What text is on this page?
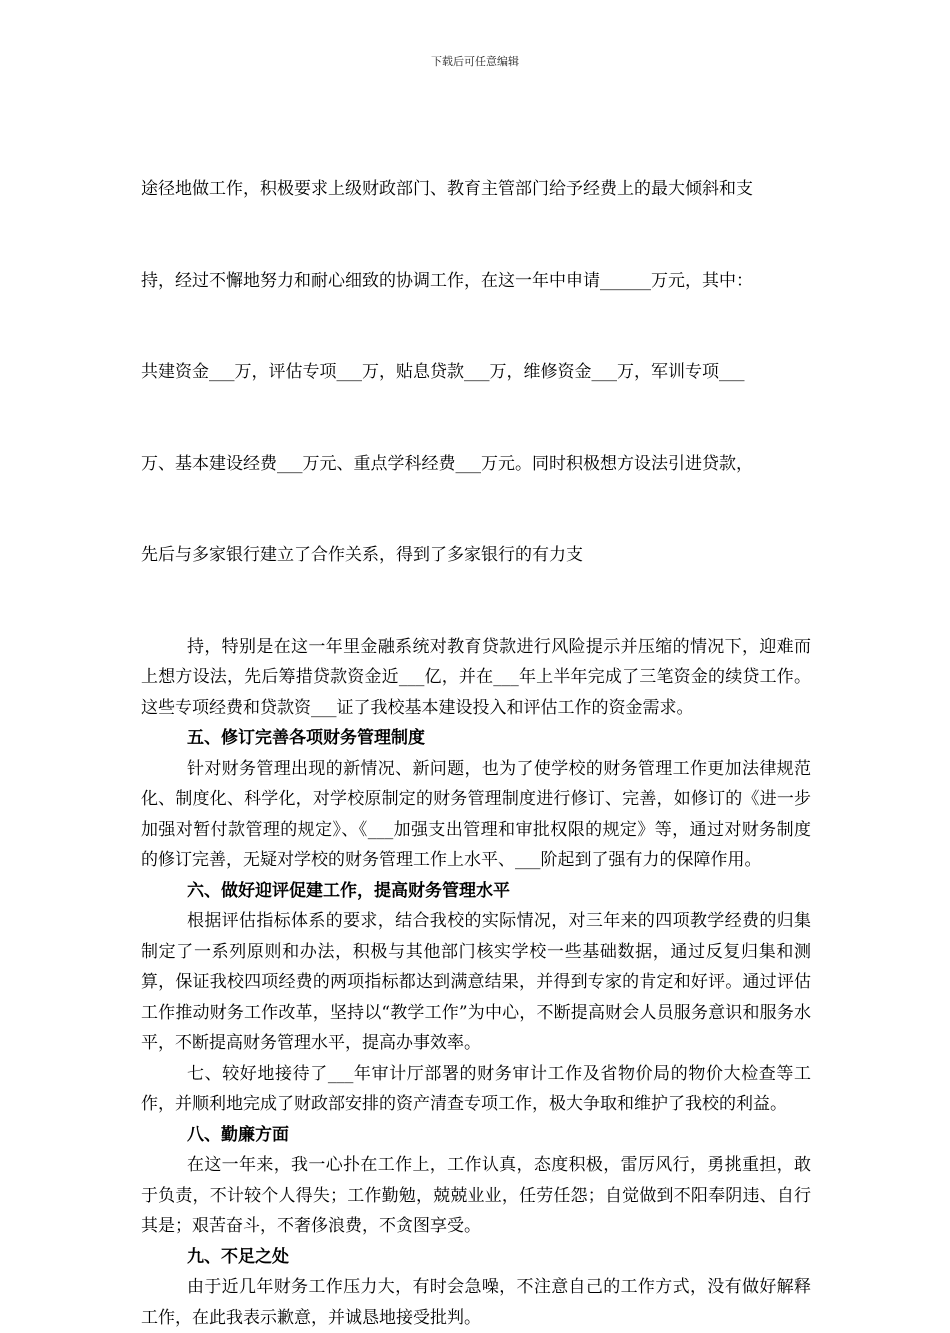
下载后可任意编辑

途径地做工作，积极要求上级财政部门、教育主管部门给予经费上的最大倾斜和支

持，经过不懈地努力和耐心细致的协调工作，在这一年中申请______万元，其中：

共建资金___万，评估专项___万，贴息贷款___万，维修资金___万，军训专项___

万、基本建设经费___万元、重点学科经费___万元。同时积极想方设法引进贷款，

先后与多家银行建立了合作关系，得到了多家银行的有力支

持，特别是在这一年里金融系统对教育贷款进行风险提示并压缩的情况下，迎难而上想方设法，先后筹措贷款资金近___亿，并在___年上半年完成了三笔资金的续贷工作。这些专项经费和贷款资___证了我校基本建设投入和评估工作的资金需求。

五、修订完善各项财务管理制度

针对财务管理出现的新情况、新问题，也为了使学校的财务管理工作更加法律规范化、制度化、科学化，对学校原制定的财务管理制度进行修订、完善，如修订的《进一步加强对暂付款管理的规定》、《___加强支出管理和审批权限的规定》等，通过对财务制度的修订完善，无疑对学校的财务管理工作上水平、___阶起到了强有力的保障作用。

六、做好迎评促建工作，提高财务管理水平

根据评估指标体系的要求，结合我校的实际情况，对三年来的四项教学经费的归集制定了一系列原则和办法，积极与其他部门核实学校一些基础数据，通过反复归集和测算，保证我校四项经费的两项指标都达到满意结果，并得到专家的肯定和好评。通过评估工作推动财务工作改革，坚持以“教学工作”为中心，不断提高财会人员服务意识和服务水平，不断提高财务管理水平，提高办事效率。

七、较好地接待了___年审计厅部署的财务审计工作及省物价局的物价大检查等工作，并顺利地完成了财政部安排的资产清查专项工作，极大争取和维护了我校的利益。

八、勤廉方面

在这一年来，我一心扑在工作上，工作认真，态度积极，雷厉风行，勇挑重担，敢于负责，不计较个人得失；工作勤勉，兢兢业业，任劳任怨；自觉做到不阳奉阴违、自行其是；艰苦奋斗，不奢侈浪费，不贪图享受。

九、不足之处

由于近几年财务工作压力大，有时会急噪，不注意自己的工作方式，没有做好解释工作，在此我表示歉意，并诚恳地接受批判。
